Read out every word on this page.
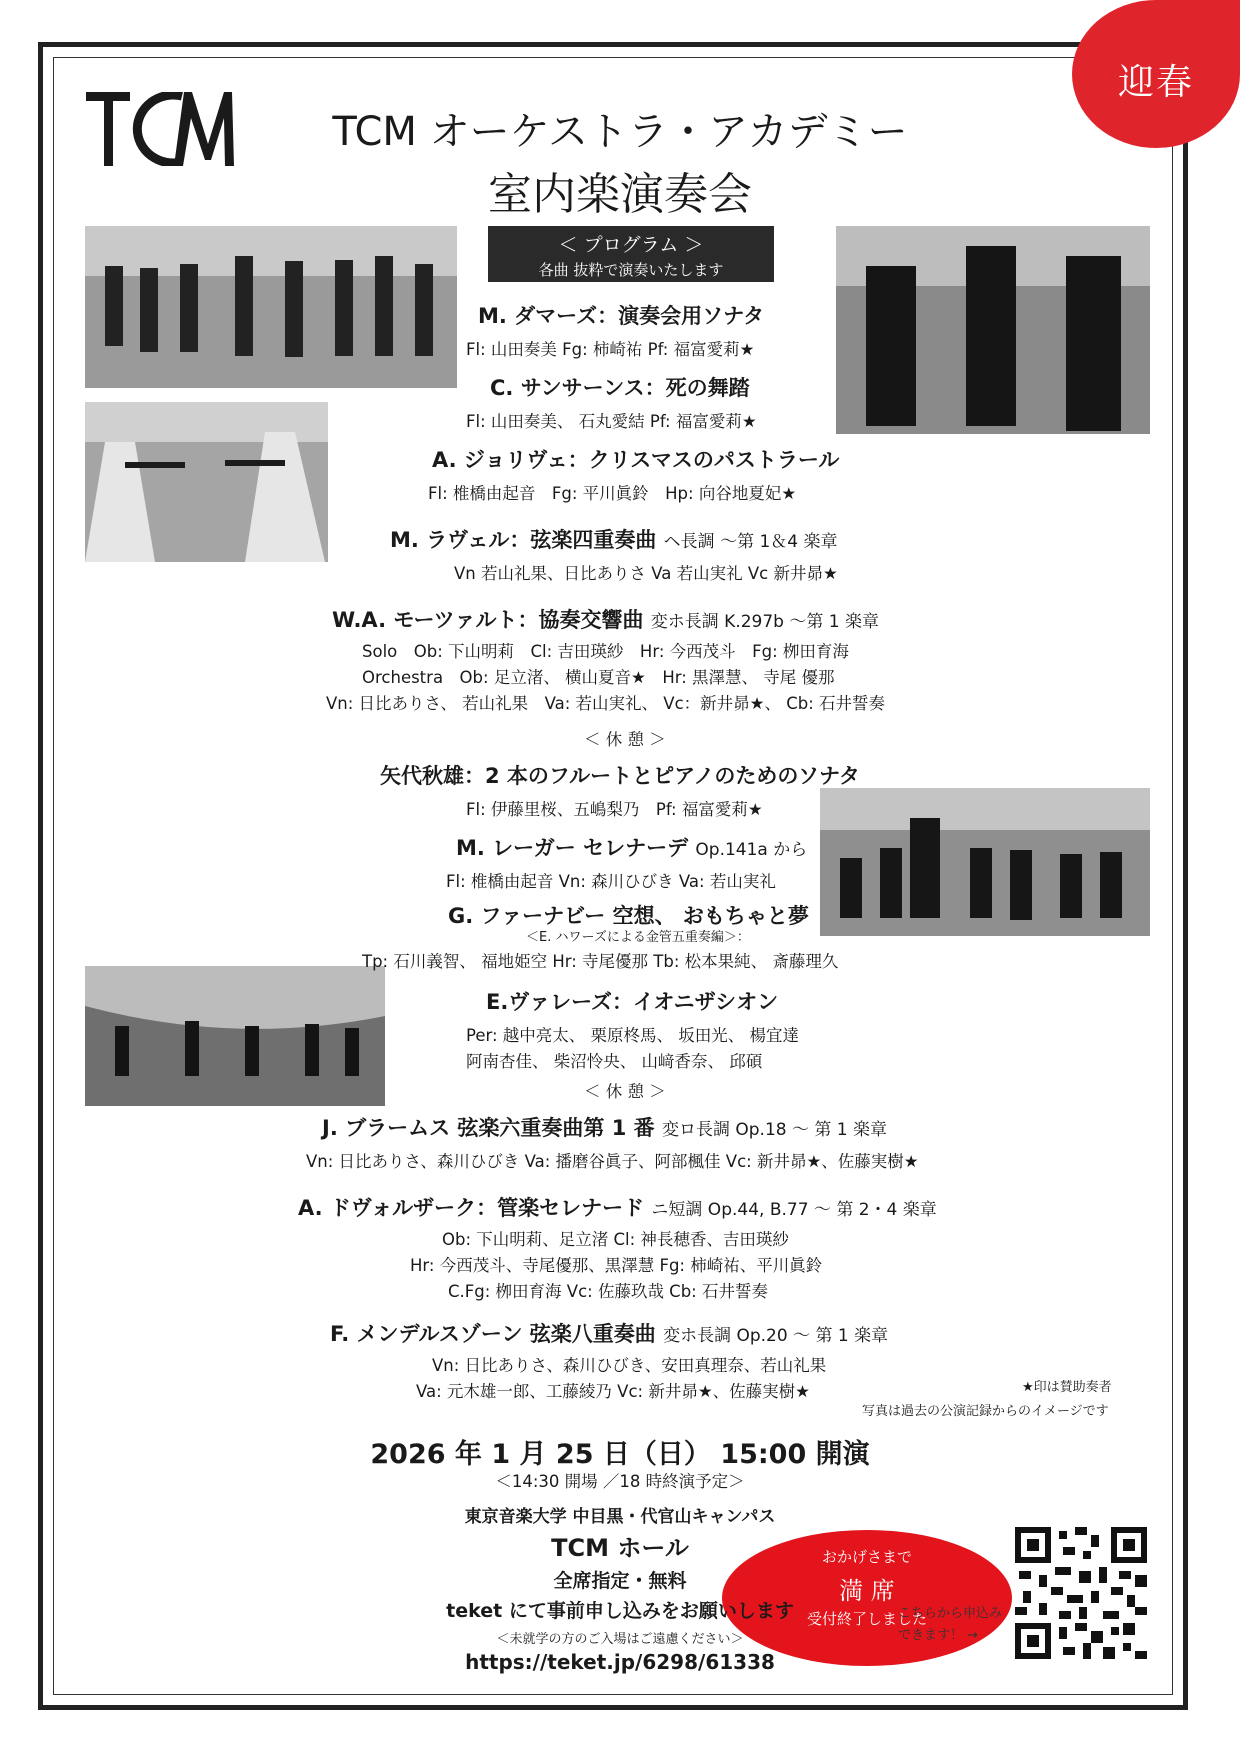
迎春
TCM オーケストラ・アカデミー
室内楽演奏会
＜ プログラム ＞
各曲 抜粋で演奏いたします
M. ダマーズ：演奏会用ソナタ
Fl: 山田奏美 Fg: 柿崎祐 Pf: 福富愛莉★
C. サンサーンス：死の舞踏
Fl: 山田奏美、 石丸愛結 Pf: 福富愛莉★
A. ジョリヴェ：クリスマスのパストラール
Fl: 椎橋由起音　Fg: 平川眞鈴　Hp: 向谷地夏妃★
M. ラヴェル：弦楽四重奏曲 ヘ長調 ～第 1＆4 楽章
Vn 若山礼果、日比ありさ Va 若山実礼 Vc 新井昴★
W.A. モーツァルト：協奏交響曲 変ホ長調 K.297b ～第 1 楽章
Solo　Ob: 下山明莉　Cl: 吉田瑛紗　Hr: 今西茂斗　Fg: 栁田育海
Orchestra　Ob: 足立渚、 横山夏音★　Hr: 黒澤慧、 寺尾 優那
Vn: 日比ありさ、 若山礼果　Va: 若山実礼、 Vc：新井昴★、 Cb: 石井誓奏
＜ 休 憩 ＞
矢代秋雄：2 本のフルートとピアノのためのソナタ
Fl: 伊藤里桜、五嶋梨乃　Pf: 福富愛莉★
M. レーガー セレナーデ Op.141a から
Fl: 椎橋由起音 Vn: 森川ひびき Va: 若山実礼
G. ファーナビー 空想、 おもちゃと夢
＜E. ハワーズによる金管五重奏編＞：
Tp: 石川義智、 福地姫空 Hr: 寺尾優那 Tb: 松本果純、 斎藤理久
E.ヴァレーズ：イオニザシオン
Per: 越中亮太、 栗原柊馬、 坂田光、 楊宜達
阿南杏佳、 柴沼怜央、 山﨑香奈、 邱碩
＜ 休 憩 ＞
J. ブラームス 弦楽六重奏曲第 1 番 変ロ長調 Op.18 ～ 第 1 楽章
Vn: 日比ありさ、森川ひびき Va: 播磨谷眞子、阿部楓佳 Vc: 新井昴★、佐藤実樹★
A. ドヴォルザーク：管楽セレナード ニ短調 Op.44, B.77 ～ 第 2・4 楽章
Ob: 下山明莉、足立渚 Cl: 神長穂香、吉田瑛紗
Hr: 今西茂斗、寺尾優那、黒澤慧 Fg: 柿崎祐、平川眞鈴
C.Fg: 栁田育海 Vc: 佐藤玖哉 Cb: 石井誓奏
F. メンデルスゾーン 弦楽八重奏曲 変ホ長調 Op.20 ～ 第 1 楽章
Vn: 日比ありさ、森川ひびき、安田真理奈、若山礼果
Va: 元木雄一郎、工藤綾乃 Vc: 新井昴★、佐藤実樹★	★印は賛助奏者
写真は過去の公演記録からのイメージです
2026 年 1 月 25 日（日） 15:00 開演
＜14:30 開場 ／18 時終演予定＞
東京音楽大学 中目黒・代官山キャンパス
TCM ホール	おかげさまで
満 席
受付終了しました
全席指定・無料
teket にて事前申し込みをお願いします
＜未就学の方のご入場はご遠慮ください＞
https://teket.jp/6298/61338
こちらから申込み
できます！ →
